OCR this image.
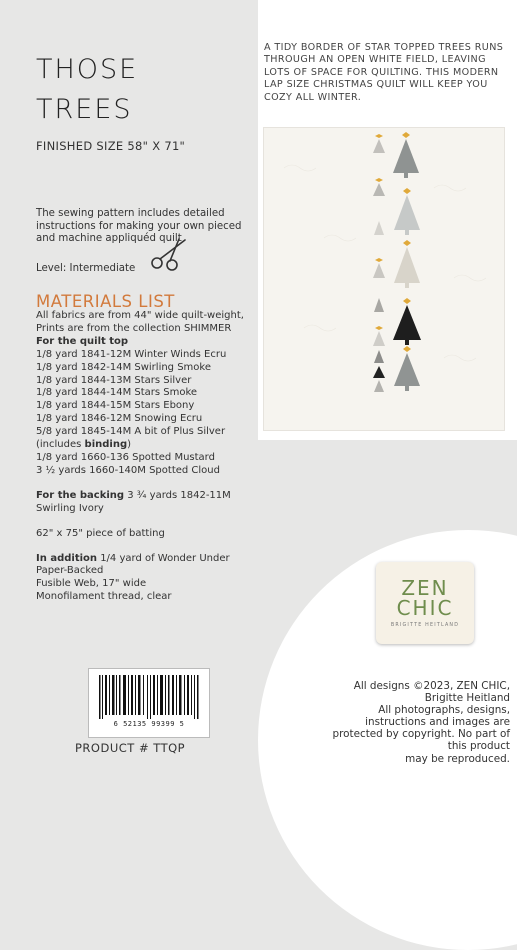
THOSE
TREES
FINISHED SIZE 58" X 71"
The sewing pattern includes detailed instructions for making your own pieced and machine appliquéd quilt
Level: Intermediate
MATERIALS LIST
All fabrics are from 44" wide quilt-weight,
Prints are from the collection SHIMMER
For the quilt top
1/8 yard 1841-12M Winter Winds Ecru
1/8 yard 1842-14M Swirling Smoke
1/8 yard 1844-13M Stars Silver
1/8 yard 1844-14M Stars Smoke
1/8 yard 1844-15M Stars Ebony
1/8 yard 1846-12M Snowing Ecru
5/8 yard 1845-14M A bit of Plus Silver
(includes binding)
1/8 yard 1660-136 Spotted Mustard
3 ½ yards 1660-140M Spotted Cloud
For the backing 3 ¾ yards 1842-11M
Swirling Ivory
62" x 75" piece of batting
In addition 1/4 yard of Wonder Under
Paper-Backed
Fusible Web, 17" wide
Monofilament thread, clear
A TIDY BORDER OF STAR TOPPED TREES RUNS THROUGH AN OPEN WHITE FIELD, LEAVING LOTS OF SPACE FOR QUILTING. THIS MODERN LAP SIZE CHRISTMAS QUILT WILL KEEP YOU COZY ALL WINTER.
ZEN
CHIC
BRIGITTE HEITLAND
All designs ©2023, ZEN CHIC,
Brigitte Heitland
All photographs, designs,
instructions and images are
protected by copyright. No part of
this product
may be reproduced.
6 52135 99399 5
PRODUCT # TTQP
